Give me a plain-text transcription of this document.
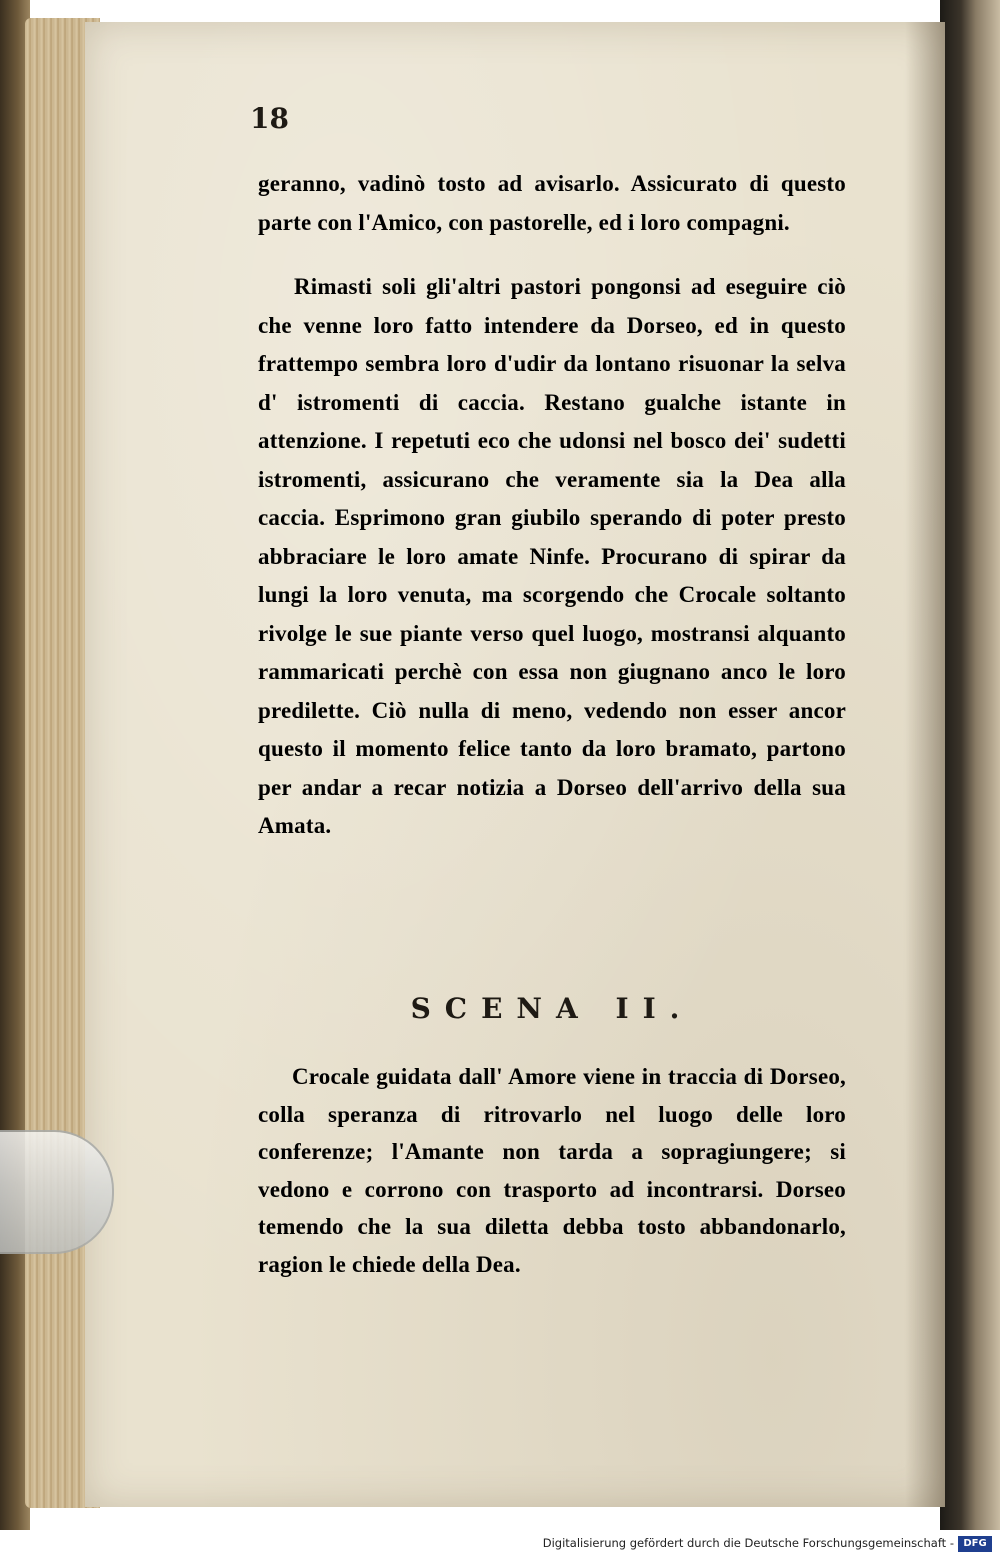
18

geranno, vadinò tosto ad avisarlo. Assicurato di questo parte con l'Amico, con pastorelle, ed i loro compagni.

Rimasti soli gli'altri pastori pongonsi ad eseguire ciò che venne loro fatto intendere da Dorseo, ed in questo frattempo sembra loro d'udir da lontano risuonar la selva d' istromenti di caccia. Restano gualche istante in attenzione. I repetuti eco che udonsi nel bosco dei' sudetti istromenti, assicurano che veramente sia la Dea alla caccia. Esprimono gran giubilo sperando di poter presto abbraciare le loro amate Ninfe. Procurano di spirar da lungi la loro venuta, ma scorgendo che Crocale soltanto rivolge le sue piante verso quel luogo, mostransi alquanto rammaricati perchè con essa non giugnano anco le loro predilette. Ciò nulla di meno, vedendo non esser ancor questo il momento felice tanto da loro bramato, partono per andar a recar notizia a Dorseo dell'arrivo della sua Amata.

SCENA II.

Crocale guidata dall' Amore viene in traccia di Dorseo, colla speranza di ritrovarlo nel luogo delle loro conferenze; l'Amante non tarda a sopragiungere; si vedono e corrono con trasporto ad incontrarsi. Dorseo temendo che la sua diletta debba tosto abbandonarlo, ragion le chiede della Dea.

Digitalisierung gefördert durch die Deutsche Forschungsgemeinschaft - DFG
